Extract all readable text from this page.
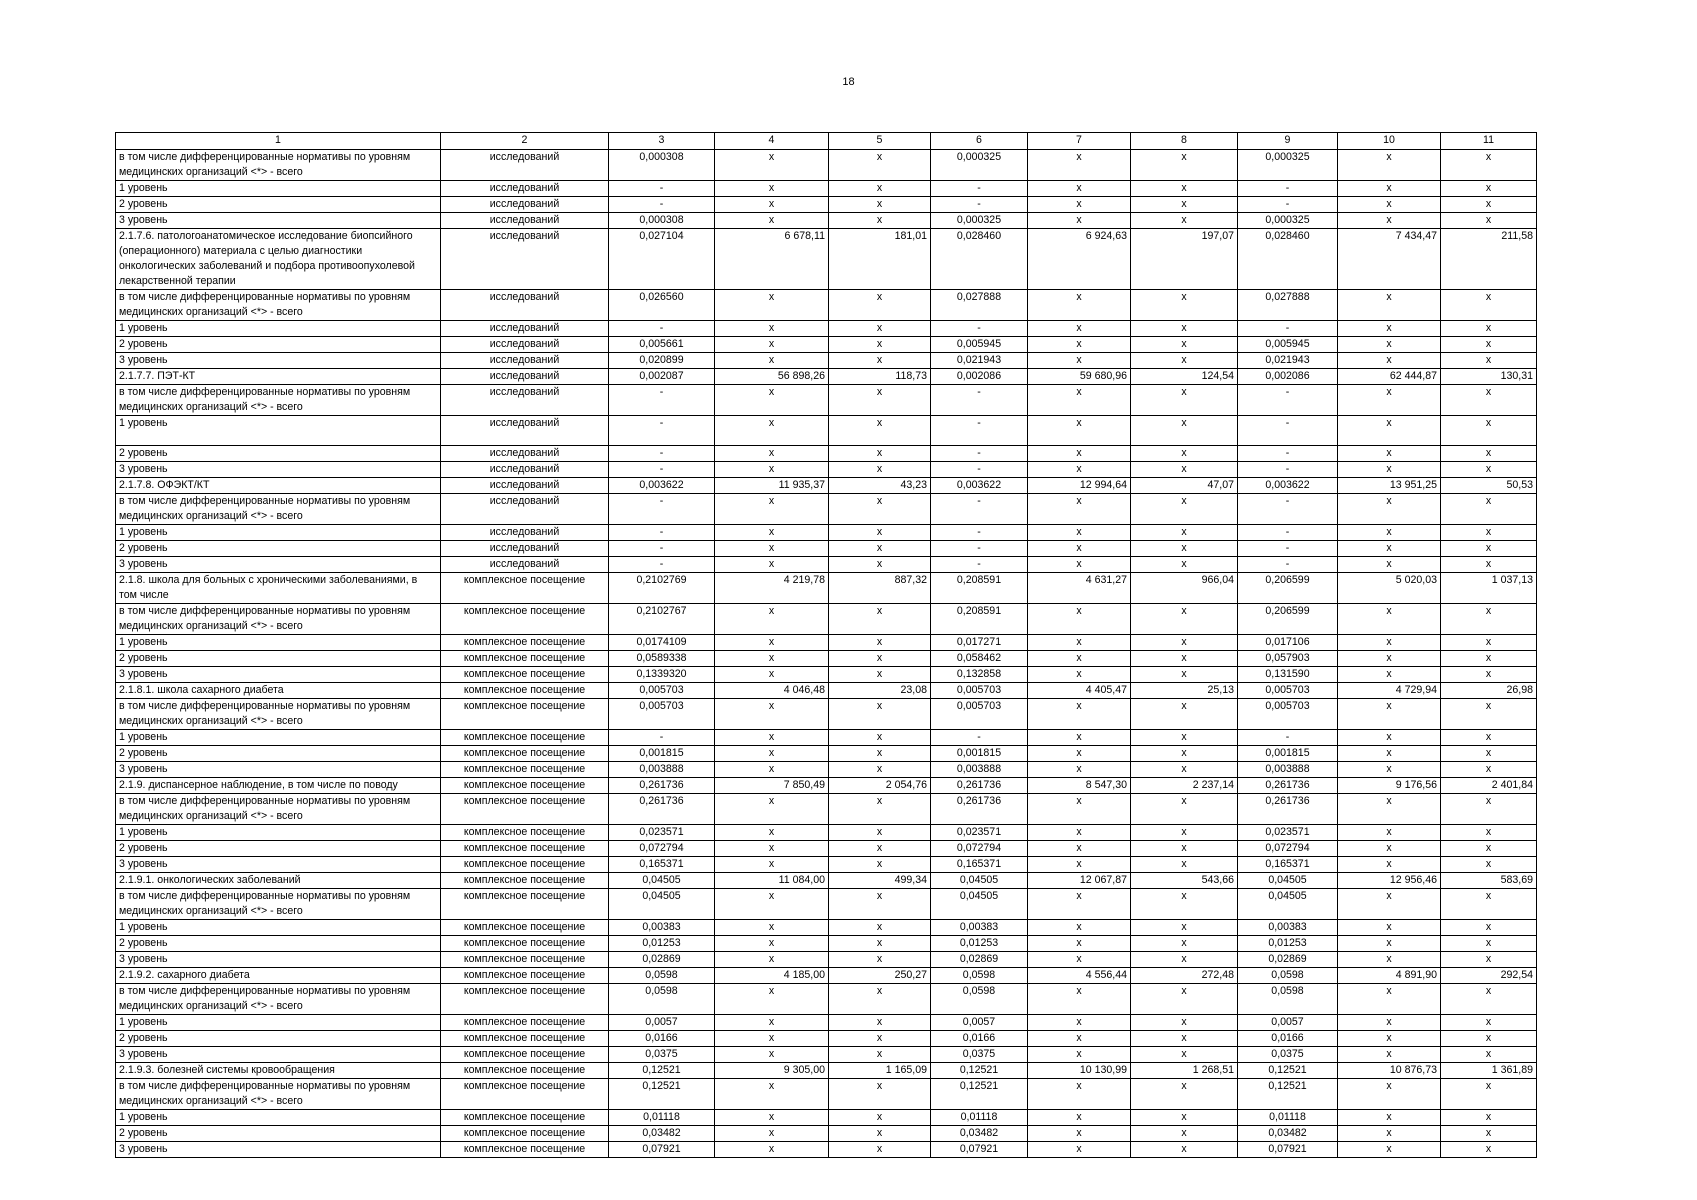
18
1	2	3	4	5	6	7	8	9	10	11
в том числе дифференцированные нормативы по уровням медицинских организаций <*> - всего	исследований	0,000308	x	x	0,000325	x	x	0,000325	x	x
1 уровень	исследований	-	x	x	-	x	x	-	x	x
2 уровень	исследований	-	x	x	-	x	x	-	x	x
3 уровень	исследований	0,000308	x	x	0,000325	x	x	0,000325	x	x
2.1.7.6. патологоанатомическое исследование биопсийного (операционного) материала с целью диагностики онкологических заболеваний и подбора противоопухолевой лекарственной терапии	исследований	0,027104	6 678,11	181,01	0,028460	6 924,63	197,07	0,028460	7 434,47	211,58
в том числе дифференцированные нормативы по уровням медицинских организаций <*> - всего	исследований	0,026560	x	x	0,027888	x	x	0,027888	x	x
1 уровень	исследований	-	x	x	-	x	x	-	x	x
2 уровень	исследований	0,005661	x	x	0,005945	x	x	0,005945	x	x
3 уровень	исследований	0,020899	x	x	0,021943	x	x	0,021943	x	x
2.1.7.7. ПЭТ-КТ	исследований	0,002087	56 898,26	118,73	0,002086	59 680,96	124,54	0,002086	62 444,87	130,31
в том числе дифференцированные нормативы по уровням медицинских организаций <*> - всего	исследований	-	x	x	-	x	x	-	x	x
1 уровень	исследований	-	x	x	-	x	x	-	x	x
2 уровень	исследований	-	x	x	-	x	x	-	x	x
3 уровень	исследований	-	x	x	-	x	x	-	x	x
2.1.7.8. ОФЭКТ/КТ	исследований	0,003622	11 935,37	43,23	0,003622	12 994,64	47,07	0,003622	13 951,25	50,53
в том числе дифференцированные нормативы по уровням медицинских организаций <*> - всего	исследований	-	x	x	-	x	x	-	x	x
1 уровень	исследований	-	x	x	-	x	x	-	x	x
2 уровень	исследований	-	x	x	-	x	x	-	x	x
3 уровень	исследований	-	x	x	-	x	x	-	x	x
2.1.8. школа для больных с хроническими заболеваниями, в том числе	комплексное посещение	0,2102769	4 219,78	887,32	0,208591	4 631,27	966,04	0,206599	5 020,03	1 037,13
в том числе дифференцированные нормативы по уровням медицинских организаций <*> - всего	комплексное посещение	0,2102767	x	x	0,208591	x	x	0,206599	x	x
1 уровень	комплексное посещение	0,0174109	x	x	0,017271	x	x	0,017106	x	x
2 уровень	комплексное посещение	0,0589338	x	x	0,058462	x	x	0,057903	x	x
3 уровень	комплексное посещение	0,1339320	x	x	0,132858	x	x	0,131590	x	x
2.1.8.1. школа сахарного диабета	комплексное посещение	0,005703	4 046,48	23,08	0,005703	4 405,47	25,13	0,005703	4 729,94	26,98
в том числе дифференцированные нормативы по уровням медицинских организаций <*> - всего	комплексное посещение	0,005703	x	x	0,005703	x	x	0,005703	x	x
1 уровень	комплексное посещение	-	x	x	-	x	x	-	x	x
2 уровень	комплексное посещение	0,001815	x	x	0,001815	x	x	0,001815	x	x
3 уровень	комплексное посещение	0,003888	x	x	0,003888	x	x	0,003888	x	x
2.1.9. диспансерное наблюдение, в том числе по поводу	комплексное посещение	0,261736	7 850,49	2 054,76	0,261736	8 547,30	2 237,14	0,261736	9 176,56	2 401,84
в том числе дифференцированные нормативы по уровням медицинских организаций <*> - всего	комплексное посещение	0,261736	x	x	0,261736	x	x	0,261736	x	x
1 уровень	комплексное посещение	0,023571	x	x	0,023571	x	x	0,023571	x	x
2 уровень	комплексное посещение	0,072794	x	x	0,072794	x	x	0,072794	x	x
3 уровень	комплексное посещение	0,165371	x	x	0,165371	x	x	0,165371	x	x
2.1.9.1. онкологических заболеваний	комплексное посещение	0,04505	11 084,00	499,34	0,04505	12 067,87	543,66	0,04505	12 956,46	583,69
в том числе дифференцированные нормативы по уровням медицинских организаций <*> - всего	комплексное посещение	0,04505	x	x	0,04505	x	x	0,04505	x	x
1 уровень	комплексное посещение	0,00383	x	x	0,00383	x	x	0,00383	x	x
2 уровень	комплексное посещение	0,01253	x	x	0,01253	x	x	0,01253	x	x
3 уровень	комплексное посещение	0,02869	x	x	0,02869	x	x	0,02869	x	x
2.1.9.2. сахарного диабета	комплексное посещение	0,0598	4 185,00	250,27	0,0598	4 556,44	272,48	0,0598	4 891,90	292,54
в том числе дифференцированные нормативы по уровням медицинских организаций <*> - всего	комплексное посещение	0,0598	x	x	0,0598	x	x	0,0598	x	x
1 уровень	комплексное посещение	0,0057	x	x	0,0057	x	x	0,0057	x	x
2 уровень	комплексное посещение	0,0166	x	x	0,0166	x	x	0,0166	x	x
3 уровень	комплексное посещение	0,0375	x	x	0,0375	x	x	0,0375	x	x
2.1.9.3. болезней системы кровообращения	комплексное посещение	0,12521	9 305,00	1 165,09	0,12521	10 130,99	1 268,51	0,12521	10 876,73	1 361,89
в том числе дифференцированные нормативы по уровням медицинских организаций <*> - всего	комплексное посещение	0,12521	x	x	0,12521	x	x	0,12521	x	x
1 уровень	комплексное посещение	0,01118	x	x	0,01118	x	x	0,01118	x	x
2 уровень	комплексное посещение	0,03482	x	x	0,03482	x	x	0,03482	x	x
3 уровень	комплексное посещение	0,07921	x	x	0,07921	x	x	0,07921	x	x
